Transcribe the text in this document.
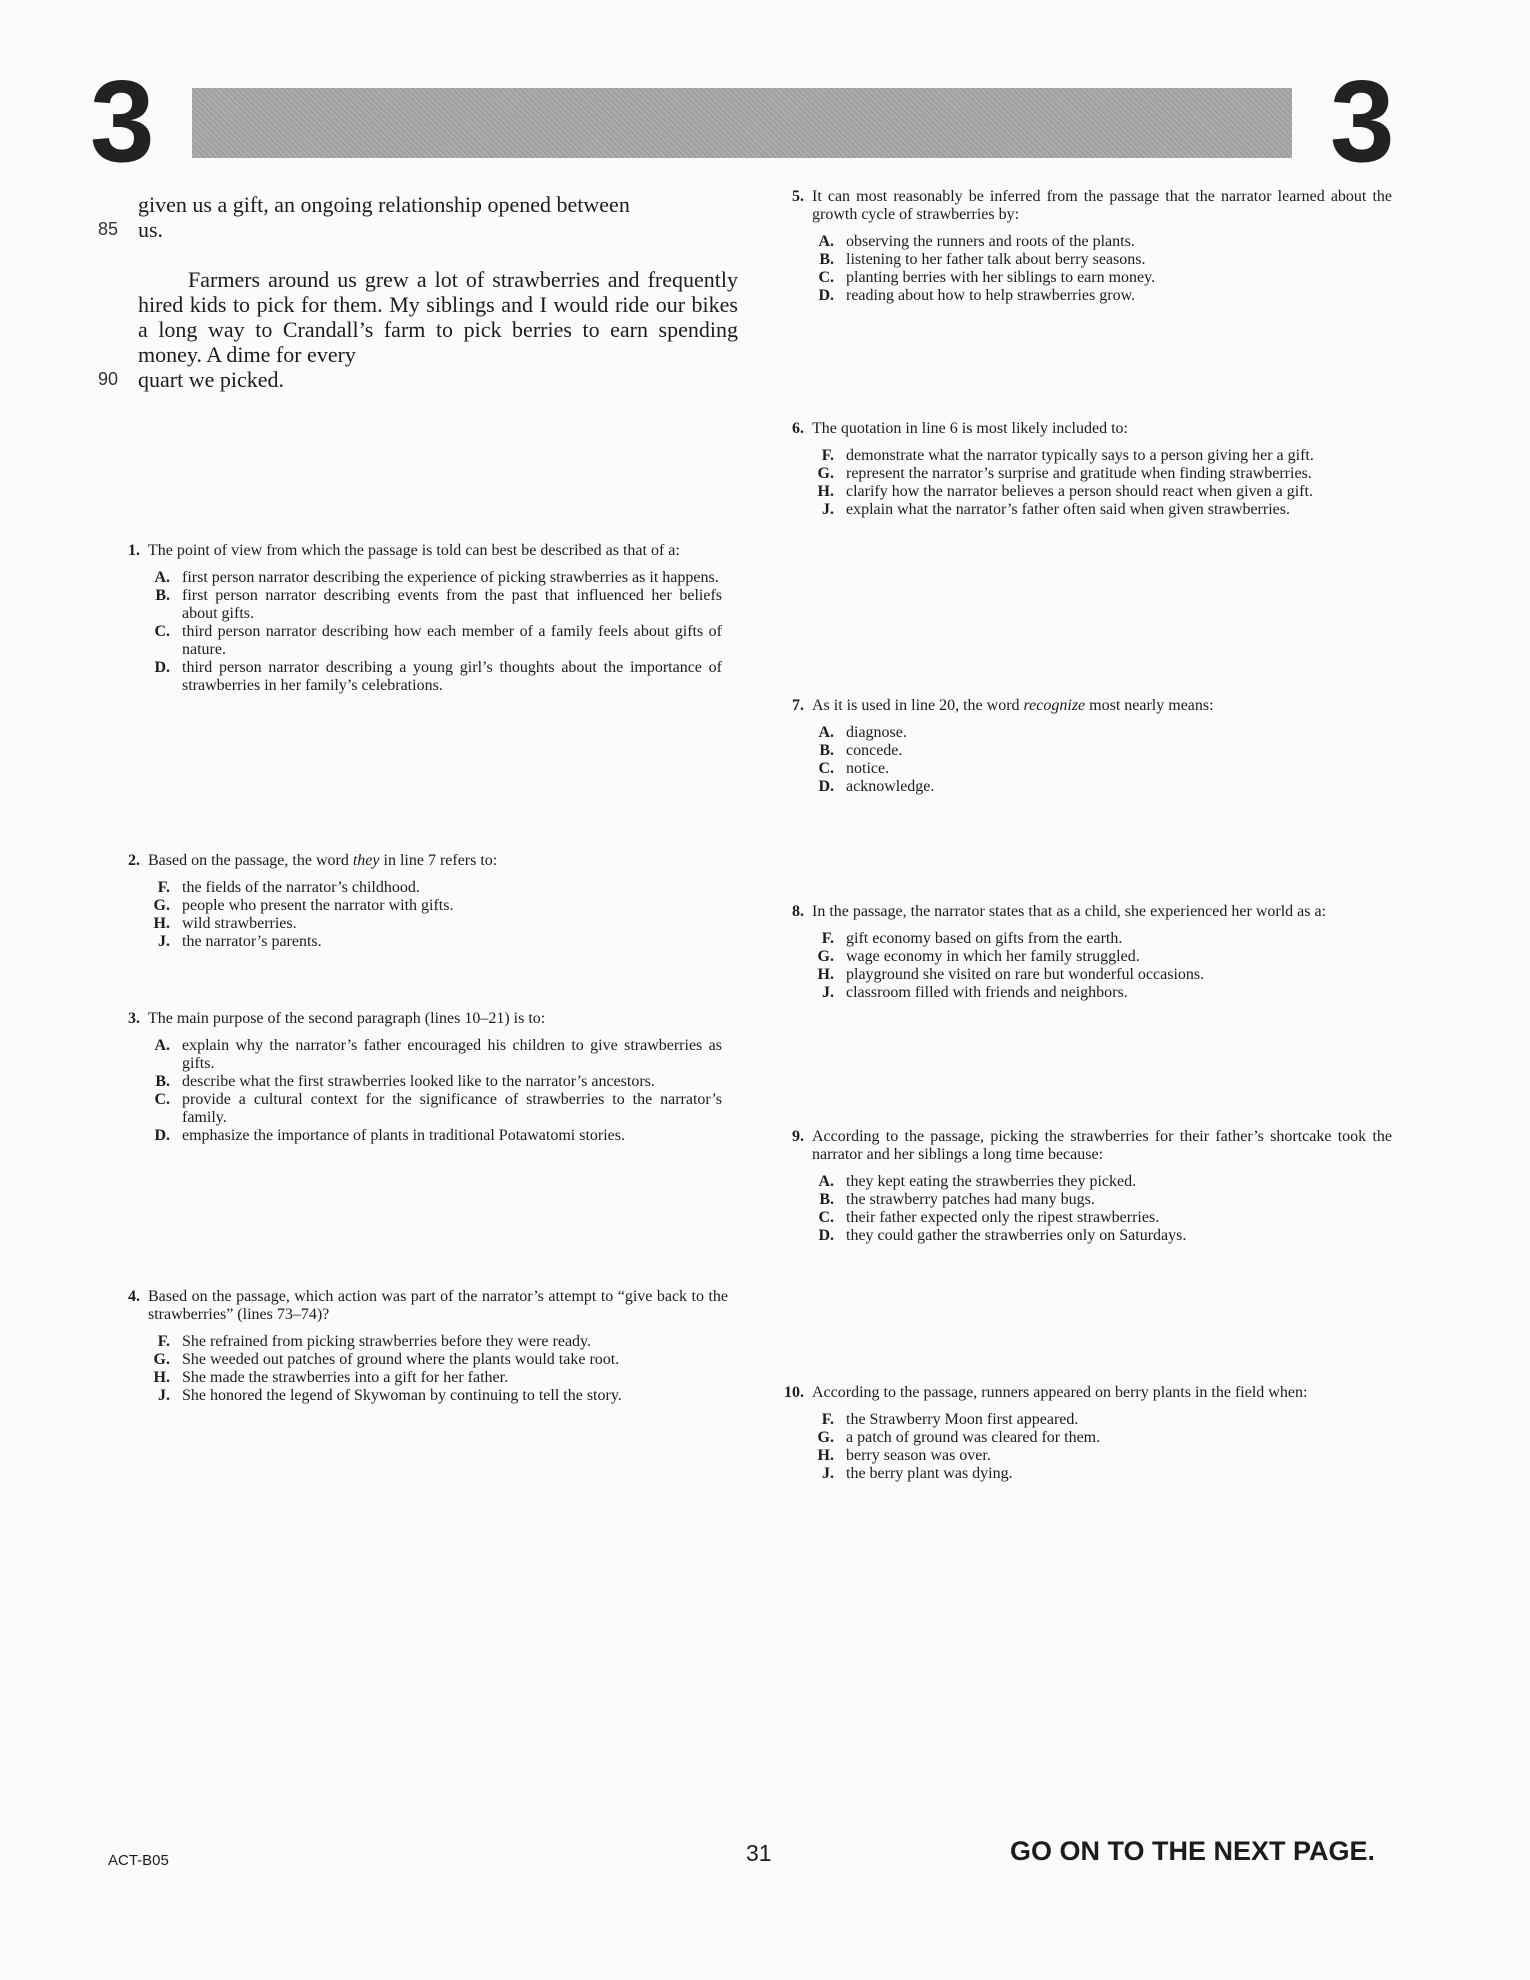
3	3

given us a gift, an ongoing relationship opened between

85 us.

Farmers around us grew a lot of strawberries and frequently hired kids to pick for them. My siblings and I would ride our bikes a long way to Crandall’s farm to pick berries to earn spending money. A dime for every

90 quart we picked.

1. The point of view from which the passage is told can best be described as that of a:
A. first person narrator describing the experience of picking strawberries as it happens.
B. first person narrator describing events from the past that influenced her beliefs about gifts.
C. third person narrator describing how each member of a family feels about gifts of nature.
D. third person narrator describing a young girl’s thoughts about the importance of strawberries in her family’s celebrations.
2. Based on the passage, the word they in line 7 refers to:
F. the fields of the narrator’s childhood.
G. people who present the narrator with gifts.
H. wild strawberries.
J. the narrator’s parents.
3. The main purpose of the second paragraph (lines 10–21) is to:
A. explain why the narrator’s father encouraged his children to give strawberries as gifts.
B. describe what the first strawberries looked like to the narrator’s ancestors.
C. provide a cultural context for the significance of strawberries to the narrator’s family.
D. emphasize the importance of plants in traditional Potawatomi stories.
4. Based on the passage, which action was part of the narrator’s attempt to “give back to the strawberries” (lines 73–74)?
F. She refrained from picking strawberries before they were ready.
G. She weeded out patches of ground where the plants would take root.
H. She made the strawberries into a gift for her father.
J. She honored the legend of Skywoman by continuing to tell the story.
5. It can most reasonably be inferred from the passage that the narrator learned about the growth cycle of strawberries by:
A. observing the runners and roots of the plants.
B. listening to her father talk about berry seasons.
C. planting berries with her siblings to earn money.
D. reading about how to help strawberries grow.
6. The quotation in line 6 is most likely included to:
F. demonstrate what the narrator typically says to a person giving her a gift.
G. represent the narrator’s surprise and gratitude when finding strawberries.
H. clarify how the narrator believes a person should react when given a gift.
J. explain what the narrator’s father often said when given strawberries.
7. As it is used in line 20, the word recognize most nearly means:
A. diagnose.
B. concede.
C. notice.
D. acknowledge.
8. In the passage, the narrator states that as a child, she experienced her world as a:
F. gift economy based on gifts from the earth.
G. wage economy in which her family struggled.
H. playground she visited on rare but wonderful occasions.
J. classroom filled with friends and neighbors.
9. According to the passage, picking the strawberries for their father’s shortcake took the narrator and her siblings a long time because:
A. they kept eating the strawberries they picked.
B. the strawberry patches had many bugs.
C. their father expected only the ripest strawberries.
D. they could gather the strawberries only on Saturdays.
10. According to the passage, runners appeared on berry plants in the field when:
F. the Strawberry Moon first appeared.
G. a patch of ground was cleared for them.
H. berry season was over.
J. the berry plant was dying.
ACT-B05	31	GO ON TO THE NEXT PAGE.
